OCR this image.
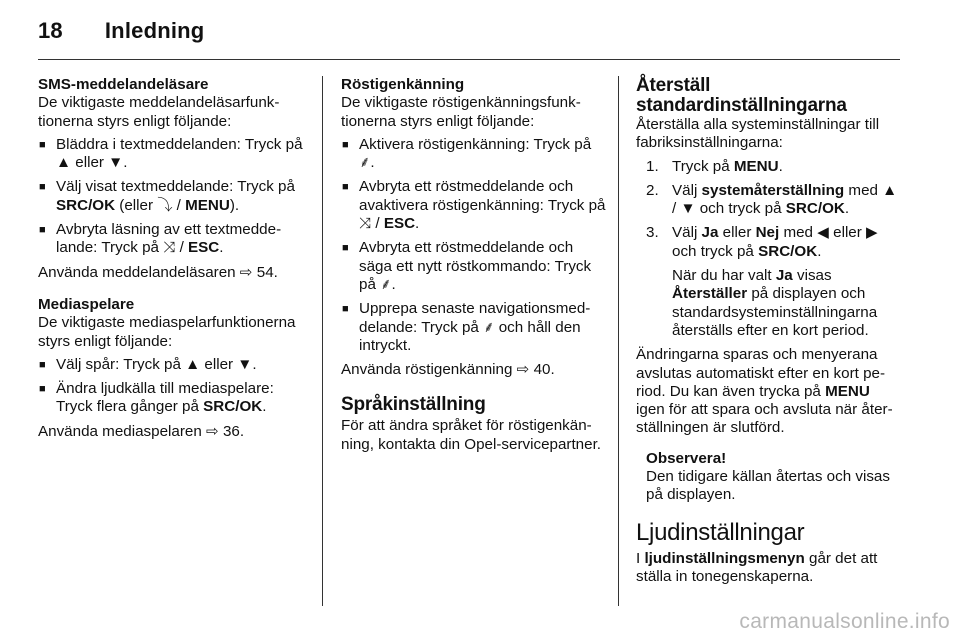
18 Inledning
SMS-meddelandeläsare

De viktigaste meddelandeläsarfunktionerna styrs enligt följande:

■ Bläddra i textmeddelanden: Tryck på ▲ eller ▼.
■ Välj visat textmeddelande: Tryck på SRC/OK (eller ⤵ / MENU).
■ Avbryta läsning av ett textmeddelande: Tryck på ⤨ / ESC.

Använda meddelandeläsaren ⇨ 54.

Mediaspelare

De viktigaste mediaspelarfunktionerna styrs enligt följande:

■ Välj spår: Tryck på ▲ eller ▼.
■ Ändra ljudkälla till mediaspelare: Tryck flera gånger på SRC/OK.

Använda mediaspelaren ⇨ 36.

Röstigenkänning

De viktigaste röstigenkänningsfunktionerna styrs enligt följande:

■ Aktivera röstigenkänning: Tryck på ⸙.
■ Avbryta ett röstmeddelande och avaktivera röstigenkänning: Tryck på ⤨ / ESC.
■ Avbryta ett röstmeddelande och säga ett nytt röstkommando: Tryck på ⸙.
■ Upprepa senaste navigationsmeddelande: Tryck på ⸙ och håll den intryckt.

Använda röstigenkänning ⇨ 40.

Språkinställning

För att ändra språket för röstigenkänning, kontakta din Opel-servicepartner.

Återställ standardinställningarna

Återställa alla systeminställningar till fabriksinställningarna:

1. Tryck på MENU.
2. Välj systemåterställning med ▲ / ▼ och tryck på SRC/OK.
3. Välj Ja eller Nej med ◀ eller ▶ och tryck på SRC/OK.

När du har valt Ja visas Återställer på displayen och standardsysteminställningarna återställs efter en kort period.

Ändringarna sparas och menyerana avslutas automatiskt efter en kort period. Du kan även trycka på MENU igen för att spara och avsluta när återställningen är slutförd.

Observera!

Den tidigare källan återtas och visas på displayen.

Ljudinställningar

I ljudinställningsmenyn går det att ställa in tonegenskaperna.

carmanualsonline.info
